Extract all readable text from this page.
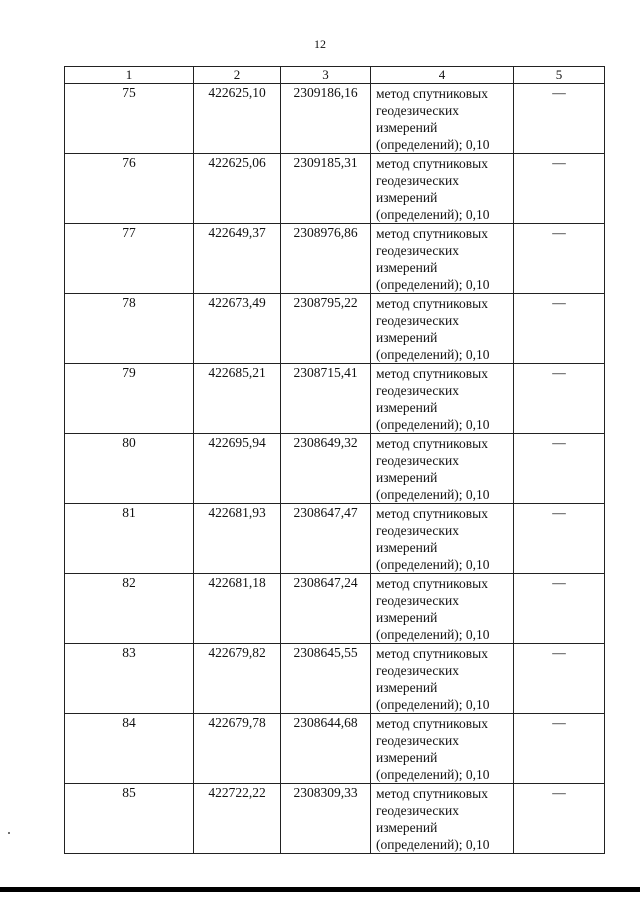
12
1	2	3	4	5
75	422625,10	2309186,16	метод спутниковых
геодезических
измерений
(определений); 0,10	—
76	422625,06	2309185,31	метод спутниковых
геодезических
измерений
(определений); 0,10	—
77	422649,37	2308976,86	метод спутниковых
геодезических
измерений
(определений); 0,10	—
78	422673,49	2308795,22	метод спутниковых
геодезических
измерений
(определений); 0,10	—
79	422685,21	2308715,41	метод спутниковых
геодезических
измерений
(определений); 0,10	—
80	422695,94	2308649,32	метод спутниковых
геодезических
измерений
(определений); 0,10	—
81	422681,93	2308647,47	метод спутниковых
геодезических
измерений
(определений); 0,10	—
82	422681,18	2308647,24	метод спутниковых
геодезических
измерений
(определений); 0,10	—
83	422679,82	2308645,55	метод спутниковых
геодезических
измерений
(определений); 0,10	—
84	422679,78	2308644,68	метод спутниковых
геодезических
измерений
(определений); 0,10	—
85	422722,22	2308309,33	метод спутниковых
геодезических
измерений
(определений); 0,10	—
